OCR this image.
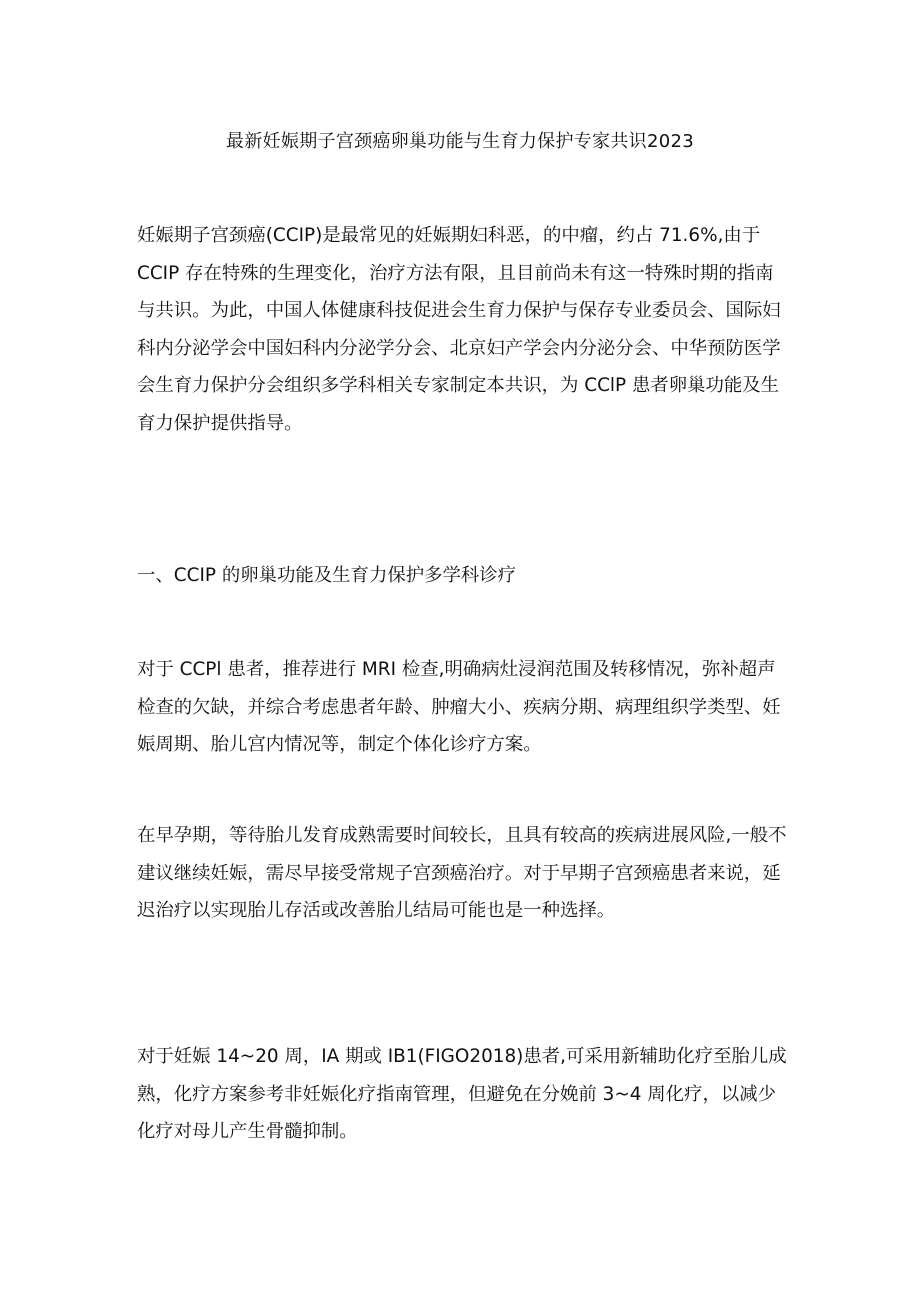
最新妊娠期子宫颈癌卵巢功能与生育力保护专家共识2023
妊娠期子宫颈癌(CCIP)是最常见的妊娠期妇科恶，的中瘤，约占 71.6%,由于
CCIP 存在特殊的生理变化，治疗方法有限，且目前尚未有这一特殊时期的指南
与共识。为此，中国人体健康科技促进会生育力保护与保存专业委员会、国际妇
科内分泌学会中国妇科内分泌学分会、北京妇产学会内分泌分会、中华预防医学
会生育力保护分会组织多学科相关专家制定本共识，为 CClP 患者卵巢功能及生
育力保护提供指导。
一、CCIP 的卵巢功能及生育力保护多学科诊疗
对于 CCPl 患者，推荐进行 MRI 检查,明确病灶浸润范围及转移情况，弥补超声
检查的欠缺，并综合考虑患者年龄、肿瘤大小、疾病分期、病理组织学类型、妊
娠周期、胎儿宫内情况等，制定个体化诊疗方案。
在早孕期，等待胎儿发育成熟需要时间较长，且具有较高的疾病进展风险,一般不
建议继续妊娠，需尽早接受常规子宫颈癌治疗。对于早期子宫颈癌患者来说，延
迟治疗以实现胎儿存活或改善胎儿结局可能也是一种选择。
对于妊娠 14~20 周，IA 期或 IB1(FIGO2018)患者,可采用新辅助化疗至胎儿成
熟，化疗方案参考非妊娠化疗指南管理，但避免在分娩前 3~4 周化疗，以减少
化疗对母儿产生骨髓抑制。
